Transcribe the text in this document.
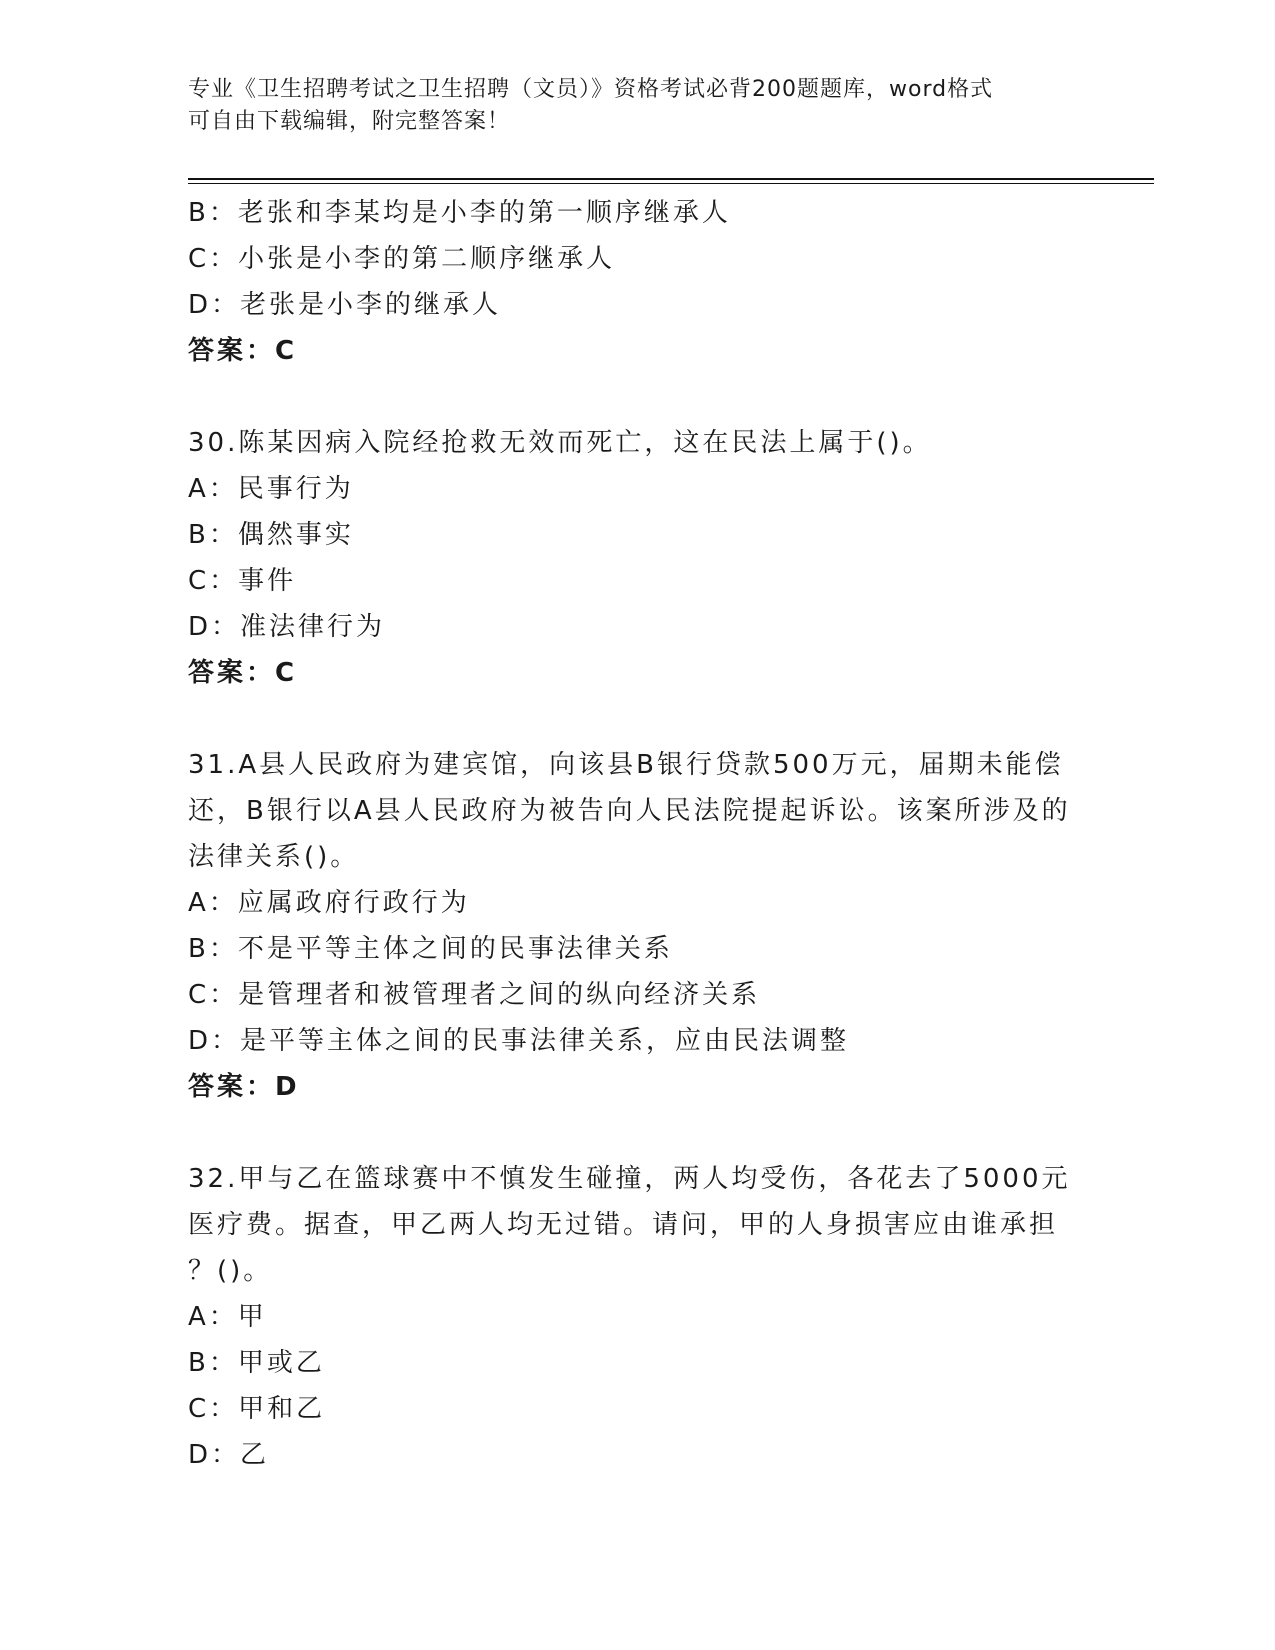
专业《卫生招聘考试之卫生招聘（文员）》资格考试必背200题题库，word格式

可自由下载编辑，附完整答案！

B：老张和李某均是小李的第一顺序继承人
C：小张是小李的第二顺序继承人
D：老张是小李的继承人
答案：C
30.陈某因病入院经抢救无效而死亡，这在民法上属于()。
A：民事行为
B：偶然事实
C：事件
D：准法律行为
答案：C
31.A县人民政府为建宾馆，向该县B银行贷款500万元，届期未能偿
还，B银行以A县人民政府为被告向人民法院提起诉讼。该案所涉及的
法律关系()。
A：应属政府行政行为
B：不是平等主体之间的民事法律关系
C：是管理者和被管理者之间的纵向经济关系
D：是平等主体之间的民事法律关系，应由民法调整
答案：D
32.甲与乙在篮球赛中不慎发生碰撞，两人均受伤，各花去了5000元
医疗费。据查，甲乙两人均无过错。请问，甲的人身损害应由谁承担
？()。
A：甲
B：甲或乙
C：甲和乙
D：乙
